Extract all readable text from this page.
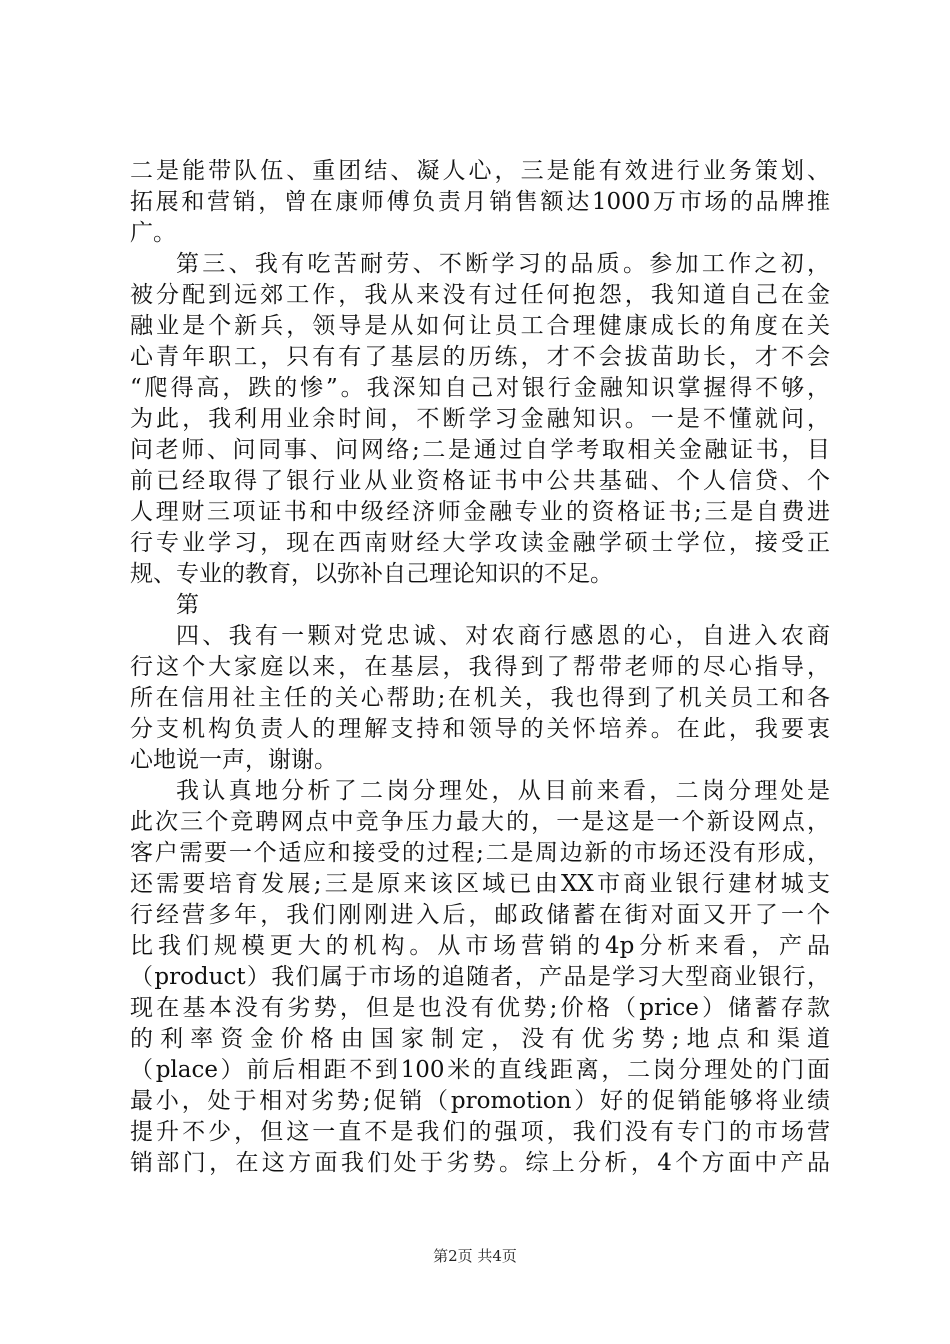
二是能带队伍、重团结、凝人心，三是能有效进行业务策划、
拓展和营销，曾在康师傅负责月销售额达1000万市场的品牌推
广。
第三、我有吃苦耐劳、不断学习的品质。参加工作之初，
被分配到远郊工作，我从来没有过任何抱怨，我知道自己在金
融业是个新兵，领导是从如何让员工合理健康成长的角度在关
心青年职工，只有有了基层的历练，才不会拔苗助长，才不会
“爬得高，跌的惨”。我深知自己对银行金融知识掌握得不够，
为此，我利用业余时间，不断学习金融知识。一是不懂就问，
问老师、问同事、问网络;二是通过自学考取相关金融证书，目
前已经取得了银行业从业资格证书中公共基础、个人信贷、个
人理财三项证书和中级经济师金融专业的资格证书;三是自费进
行专业学习，现在西南财经大学攻读金融学硕士学位，接受正
规、专业的教育，以弥补自己理论知识的不足。
第
四、我有一颗对党忠诚、对农商行感恩的心，自进入农商
行这个大家庭以来，在基层，我得到了帮带老师的尽心指导，
所在信用社主任的关心帮助;在机关，我也得到了机关员工和各
分支机构负责人的理解支持和领导的关怀培养。在此，我要衷
心地说一声，谢谢。
我认真地分析了二岗分理处，从目前来看，二岗分理处是
此次三个竞聘网点中竞争压力最大的，一是这是一个新设网点，
客户需要一个适应和接受的过程;二是周边新的市场还没有形成，
还需要培育发展;三是原来该区域已由XX市商业银行建材城支
行经营多年，我们刚刚进入后，邮政储蓄在街对面又开了一个
比我们规模更大的机构。从市场营销的4p分析来看，产品
（product）我们属于市场的追随者，产品是学习大型商业银行，
现在基本没有劣势，但是也没有优势;价格（price）储蓄存款
的利率资金价格由国家制定，没有优劣势;地点和渠道
（place）前后相距不到100米的直线距离，二岗分理处的门面
最小，处于相对劣势;促销（promotion）好的促销能够将业绩
提升不少，但这一直不是我们的强项，我们没有专门的市场营
销部门，在这方面我们处于劣势。综上分析，4个方面中产品
第2页 共4页
